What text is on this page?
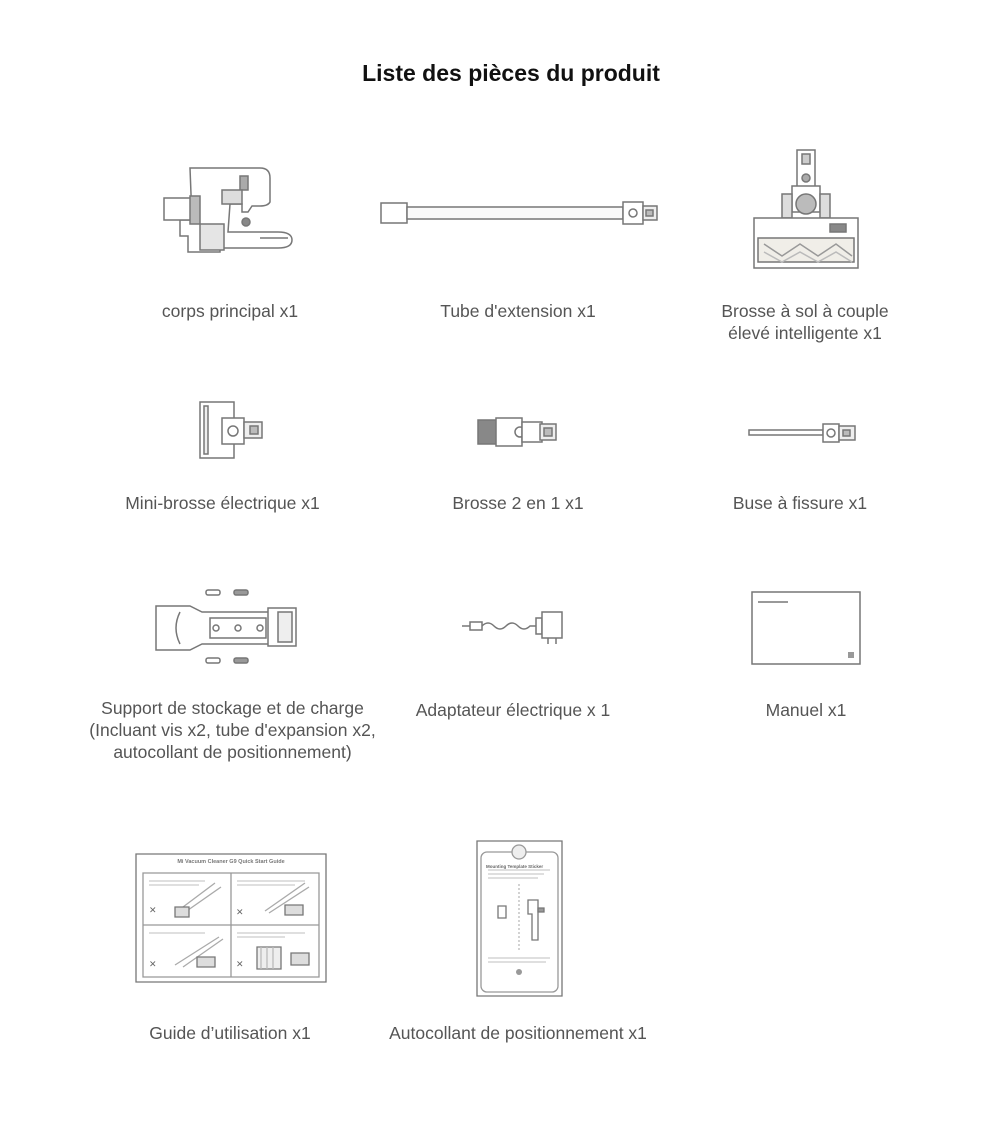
Liste des pièces du produit
corps principal x1	Tube d'extension x1	Brosse à sol à couple
élevé intelligente x1
Mini-brosse électrique x1	Brosse 2 en 1 x1	Buse à fissure x1
Support de stockage et de charge
(Incluant vis x2, tube d'expansion x2,
autocollant de positionnement)
Adaptateur électrique x 1	Manuel x1
Mi Vacuum Cleaner G9 Quick Start Guide
✕	✕
✕	✕
Guide d’utilisation x1
Mounting Template Sticker
Autocollant de positionnement x1
